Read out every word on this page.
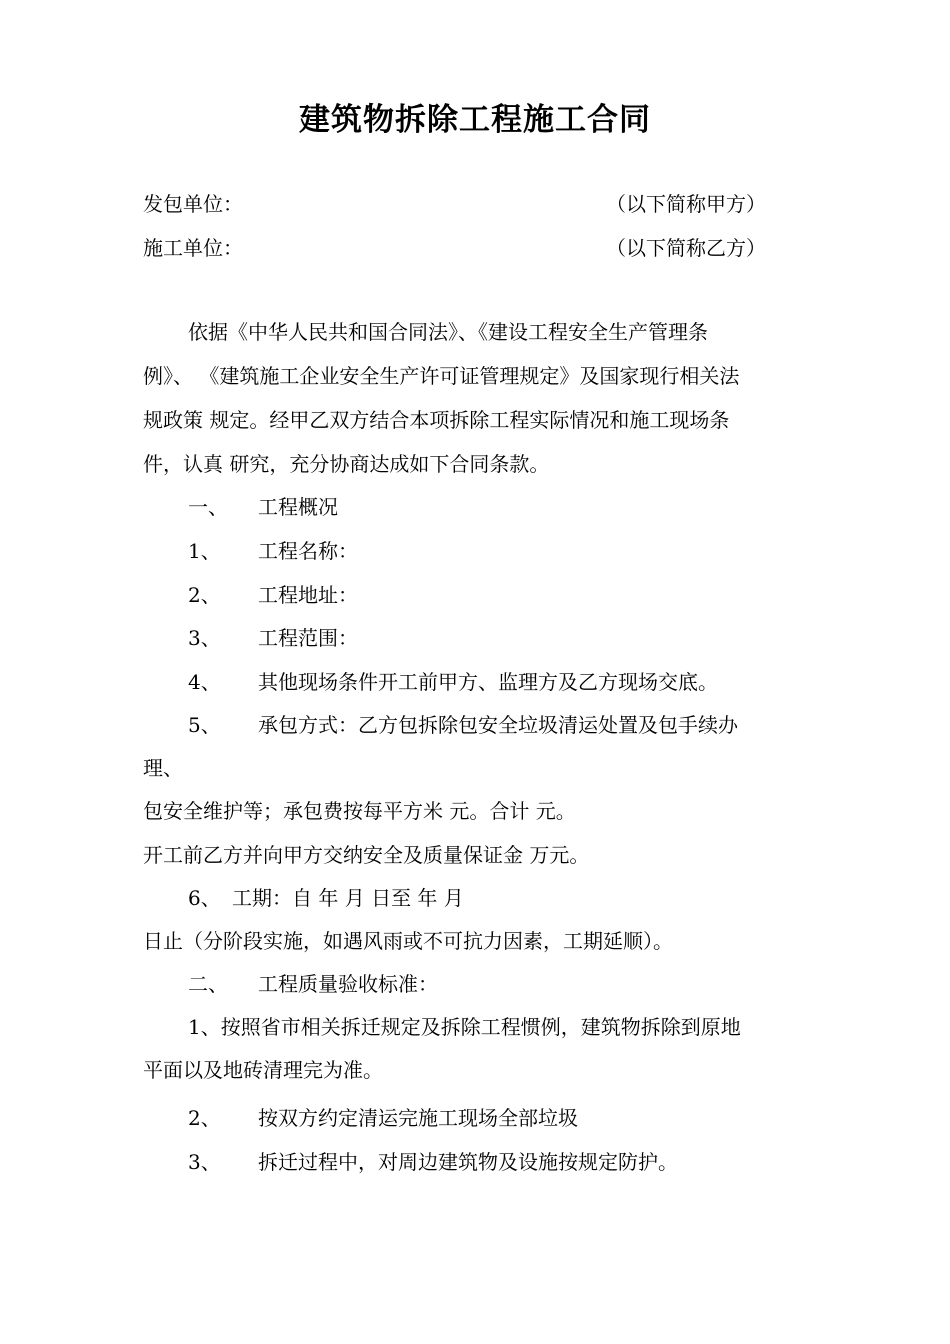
建筑物拆除工程施工合同
发包单位：	（以下简称甲方）
施工单位：	（以下简称乙方）
依据《中华人民共和国合同法》、《建设工程安全生产管理条
例》、 《建筑施工企业安全生产许可证管理规定》及国家现行相关法
规政策 规定。经甲乙双方结合本项拆除工程实际情况和施工现场条
件，认真 研究，充分协商达成如下合同条款。
一、 工程概况
1、 工程名称：
2、 工程地址：
3、 工程范围：
4、 其他现场条件开工前甲方、监理方及乙方现场交底。
5、 承包方式：乙方包拆除包安全垃圾清运处置及包手续办
理、
包安全维护等；承包费按每平方米 元。合计 元。
开工前乙方并向甲方交纳安全及质量保证金 万元。
6、 工期：自 年 月 日至 年 月
日止（分阶段实施，如遇风雨或不可抗力因素，工期延顺）。
二、 工程质量验收标准：
1、按照省市相关拆迁规定及拆除工程惯例，建筑物拆除到原地
平面以及地砖清理完为准。
2、 按双方约定清运完施工现场全部垃圾
3、 拆迁过程中，对周边建筑物及设施按规定防护。
